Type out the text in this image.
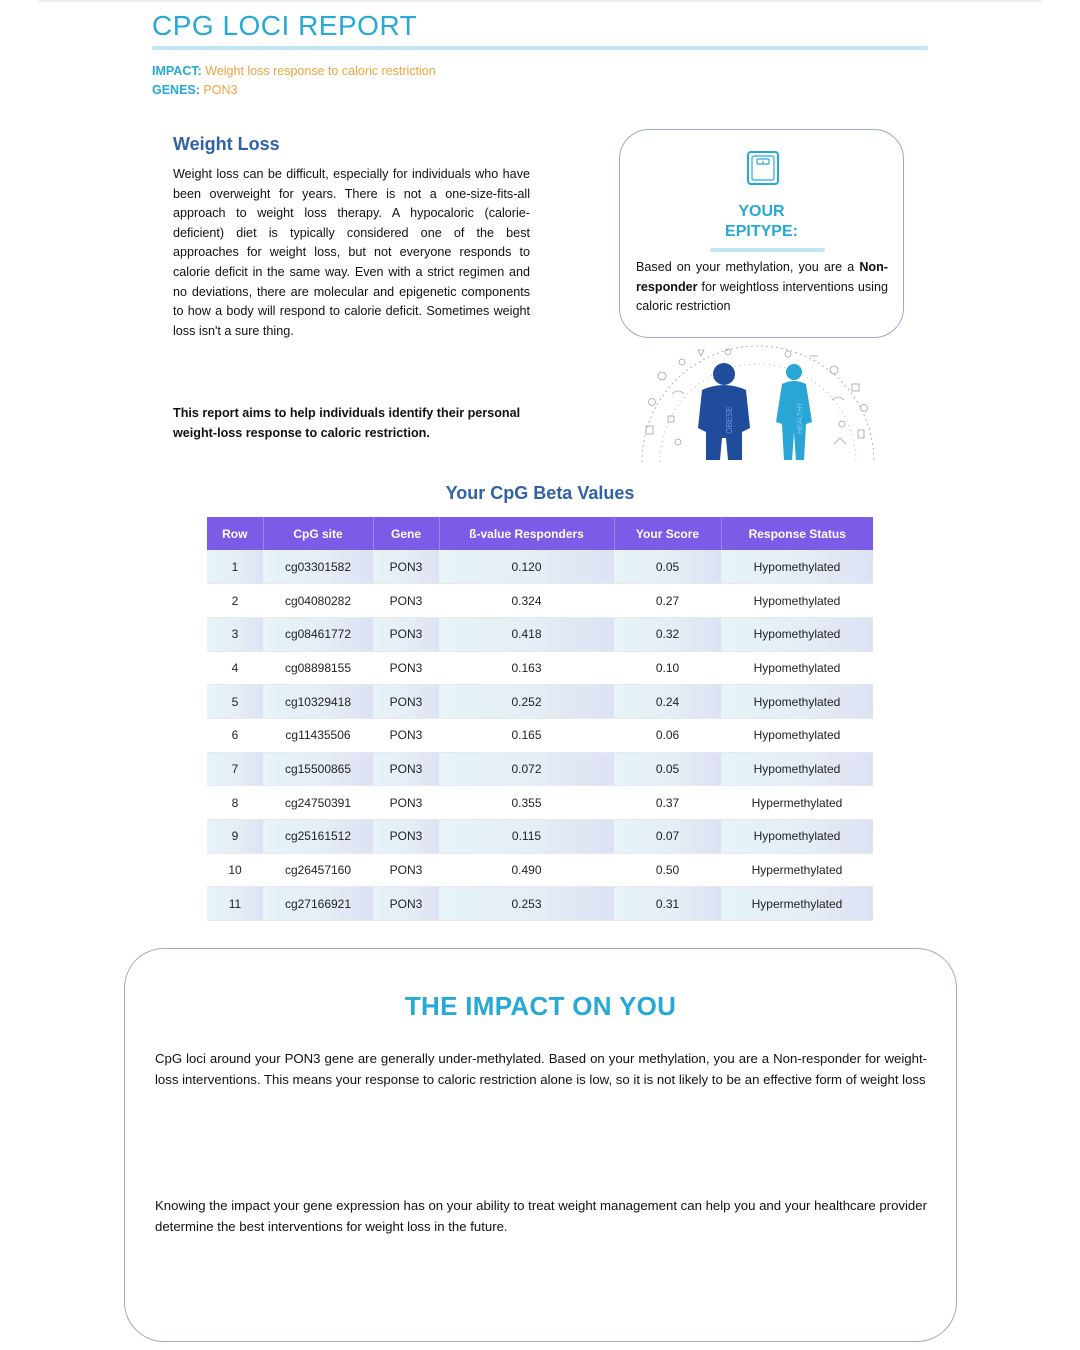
CPG LOCI REPORT
IMPACT: Weight loss response to caloric restriction
GENES: PON3
Weight Loss

Weight loss can be difficult, especially for individuals who have been overweight for years. There is not a one-size-fits-all approach to weight loss therapy. A hypocaloric (calorie-deficient) diet is typically considered one of the best approaches for weight loss, but not everyone responds to calorie deficit in the same way. Even with a strict regimen and no deviations, there are molecular and epigenetic components to how a body will respond to calorie deficit. Sometimes weight loss isn't a sure thing.

This report aims to help individuals identify their personal weight-loss response to caloric restriction.

YOUR
EPITYPE:

Based on your methylation, you are a Non-responder for weightloss interventions using caloric restriction

OBESE	HEALTHY
Your CpG Beta Values
Row	CpG site	Gene	ß-value Responders	Your Score	Response Status
1	cg03301582	PON3	0.120	0.05	Hypomethylated
2	cg04080282	PON3	0.324	0.27	Hypomethylated
3	cg08461772	PON3	0.418	0.32	Hypomethylated
4	cg08898155	PON3	0.163	0.10	Hypomethylated
5	cg10329418	PON3	0.252	0.24	Hypomethylated
6	cg11435506	PON3	0.165	0.06	Hypomethylated
7	cg15500865	PON3	0.072	0.05	Hypomethylated
8	cg24750391	PON3	0.355	0.37	Hypermethylated
9	cg25161512	PON3	0.115	0.07	Hypomethylated
10	cg26457160	PON3	0.490	0.50	Hypermethylated
11	cg27166921	PON3	0.253	0.31	Hypermethylated
THE IMPACT ON YOU

CpG loci around your PON3 gene are generally under-methylated. Based on your methylation, you are a Non-responder for weight-loss interventions. This means your response to caloric restriction alone is low, so it is not likely to be an effective form of weight loss

Knowing the impact your gene expression has on your ability to treat weight management can help you and your healthcare provider determine the best interventions for weight loss in the future.
